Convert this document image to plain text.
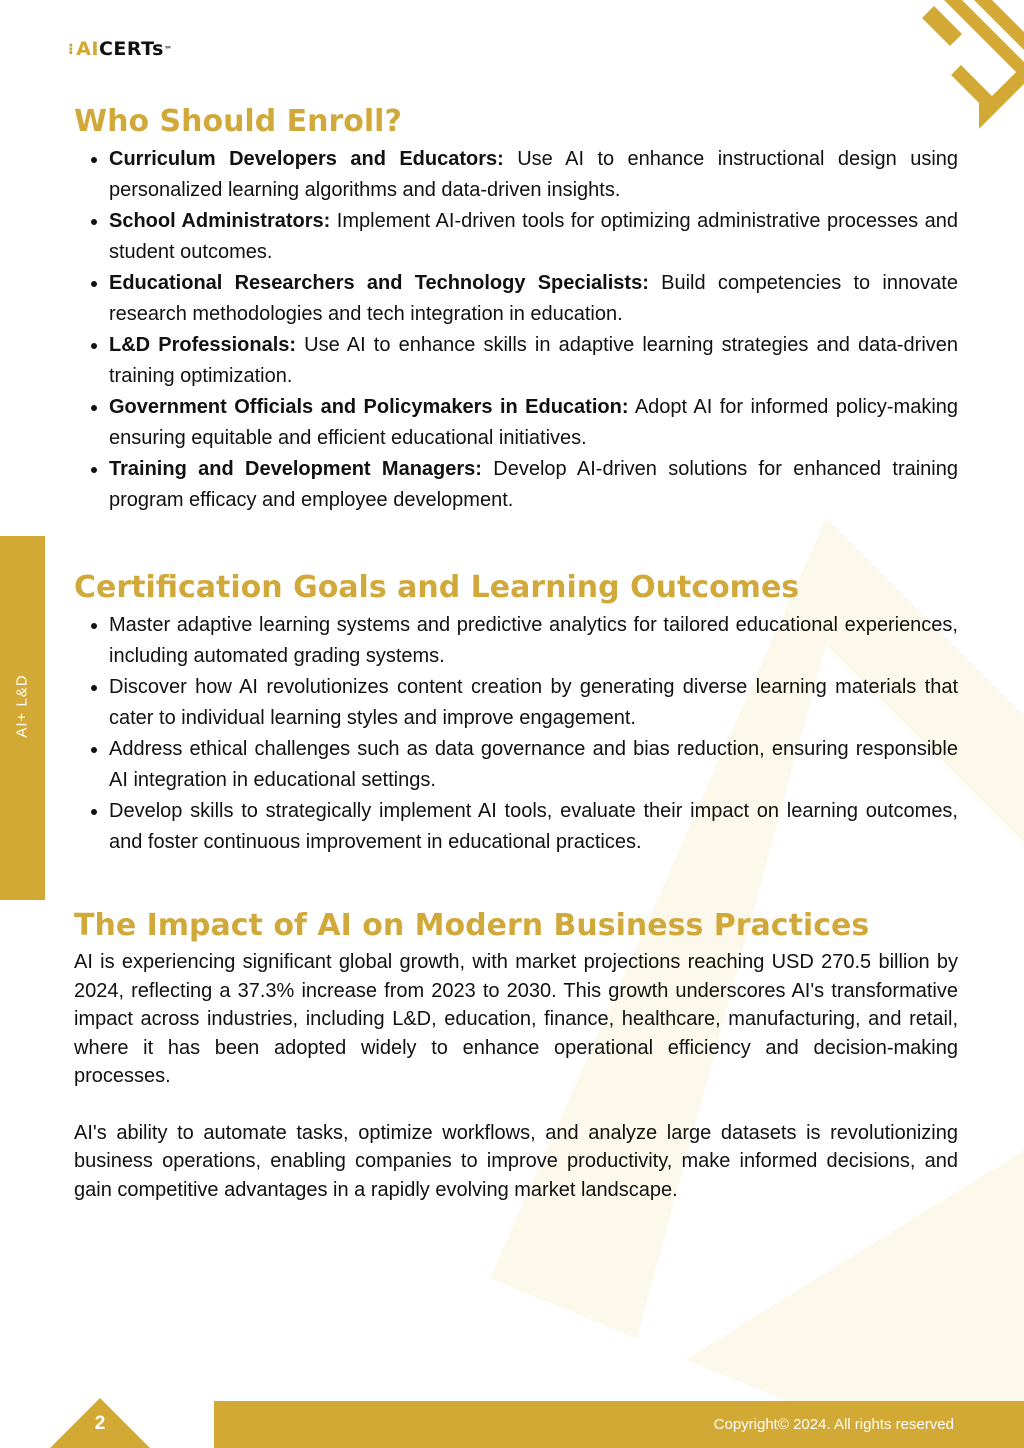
⁝ AI CERTs ™
AI+ L&D
Who Should Enroll?
• Curriculum Developers and Educators: Use AI to enhance instructional design using personalized learning algorithms and data-driven insights.
• School Administrators: Implement AI-driven tools for optimizing administrative processes and student outcomes.
• Educational Researchers and Technology Specialists: Build competencies to innovate research methodologies and tech integration in education.
• L&D Professionals: Use AI to enhance skills in adaptive learning strategies and data-driven training optimization.
• Government Officials and Policymakers in Education: Adopt AI for informed policy-making ensuring equitable and efficient educational initiatives.
• Training and Development Managers: Develop AI-driven solutions for enhanced training program efficacy and employee development.
Certification Goals and Learning Outcomes
• Master adaptive learning systems and predictive analytics for tailored educational experiences, including automated grading systems.
• Discover how AI revolutionizes content creation by generating diverse learning materials that cater to individual learning styles and improve engagement.
• Address ethical challenges such as data governance and bias reduction, ensuring responsible AI integration in educational settings.
• Develop skills to strategically implement AI tools, evaluate their impact on learning outcomes, and foster continuous improvement in educational practices.
The Impact of AI on Modern Business Practices

AI is experiencing significant global growth, with market projections reaching USD 270.5 billion by 2024, reflecting a 37.3% increase from 2023 to 2030. This growth underscores AI's transformative impact across industries, including L&D, education, finance, healthcare, manufacturing, and retail, where it has been adopted widely to enhance operational efficiency and decision-making processes.

AI's ability to automate tasks, optimize workflows, and analyze large datasets is revolutionizing business operations, enabling companies to improve productivity, make informed decisions, and gain competitive advantages in a rapidly evolving market landscape.

2	Copyright© 2024. All rights reserved
